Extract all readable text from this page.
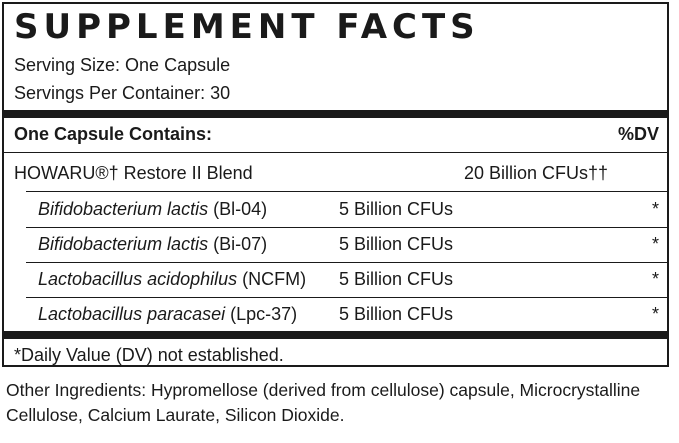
SUPPLEMENT FACTS
Serving Size: One Capsule
Servings Per Container: 30
One Capsule Contains:	%DV
HOWARU®† Restore II Blend	20 Billion CFUs††
Bifidobacterium lactis (Bl-04)	5 Billion CFUs	*
Bifidobacterium lactis (Bi-07)	5 Billion CFUs	*
Lactobacillus acidophilus (NCFM) 5 Billion CFUs	*
Lactobacillus paracasei (Lpc-37) 5 Billion CFUs	*
*Daily Value (DV) not established.
Other Ingredients: Hypromellose (derived from cellulose) capsule, Microcrystalline Cellulose, Calcium Laurate, Silicon Dioxide.
